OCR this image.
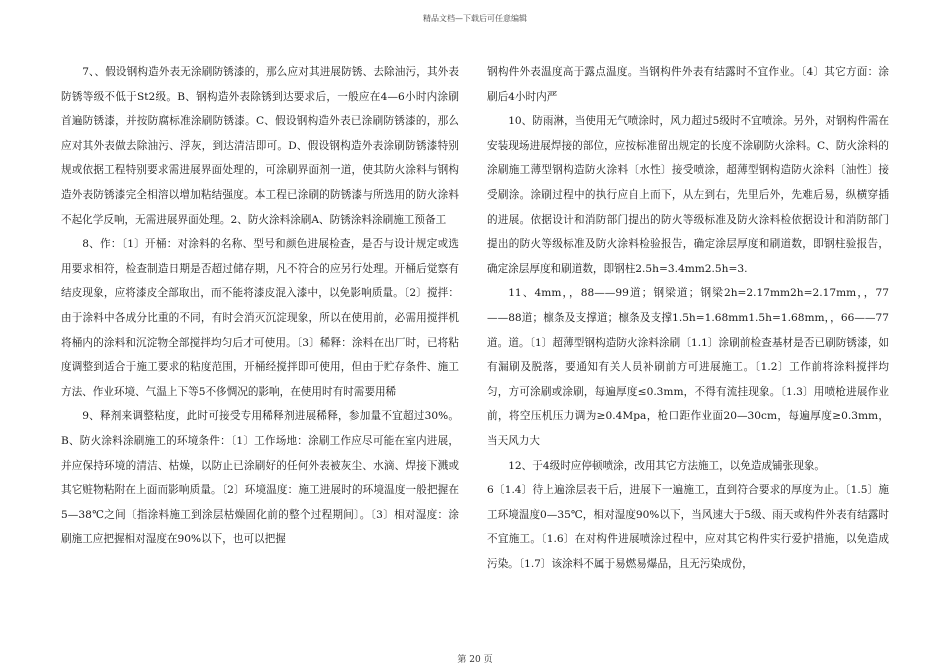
精品文档—下载后可任意编辑

7、、假设钢构造外表无涂刷防锈漆的，那么应对其进展防锈、去除油污，其外表防锈等级不低于St2级。B、钢构造外表除锈到达要求后，一般应在4—6小时内涂刷首遍防锈漆，并按防腐标准涂刷防锈漆。C、假设钢构造外表已涂刷防锈漆的，那么应对其外表做去除油污、浮灰，到达清洁即可。D、假设钢构造外表涂刷防锈漆特别规或依据工程特别要求需进展界面处理的，可涂刷界面剂一道，使其防火涂料与钢构造外表防锈漆完全相溶以增加粘结强度。本工程已涂刷的防锈漆与所选用的防火涂料不起化学反响，无需进展界面处理。2、防火涂料涂刷A、防锈涂料涂刷施工预备工

8、作：〔1〕开桶：对涂料的名称、型号和颜色进展检查，是否与设计规定或选用要求相符，检查制造日期是否超过储存期，凡不符合的应另行处理。开桶后觉察有结皮现象，应将漆皮全部取出，而不能将漆皮混入漆中，以免影响质量。〔2〕搅拌：由于涂料中各成分比重的不同，有时会消灭沉淀现象，所以在使用前，必需用搅拌机将桶内的涂料和沉淀物全部搅拌均匀后才可使用。〔3〕稀释：涂料在出厂时，已将粘度调整到适合于施工要求的粘度范围，开桶经搅拌即可使用，但由于贮存条件、施工方法、作业环境、气温上下等5不侈惆况的影响，在使用时有时需要用稀

9、释剂来调整粘度，此时可接受专用稀释剂进展稀释，参加量不宜超过30%。B、防火涂料涂刷施工的环境条件：〔1〕工作场地：涂刷工作应尽可能在室内进展，并应保持环境的清洁、枯燥，以防止已涂刷好的任何外表被灰尘、水滴、焊接下溅或其它赃物粘附在上面而影响质量。〔2〕环境温度：施工进展时的环境温度一般把握在5—38℃之间〔指涂料施工到涂层枯燥固化前的整个过程期间〕。〔3〕相对湿度：涂刷施工应把握相对湿度在90%以下，也可以把握

钢构件外表温度高于露点温度。当钢构件外表有结露时不宜作业。〔4〕其它方面：涂刷后4小时内严

10、防雨淋，当使用无气喷涂时，风力超过5级时不宜喷涂。另外，对钢构件需在安装现场进展焊接的部位，应按标准留出规定的长度不涂刷防火涂料。C、防火涂料的涂刷施工薄型钢构造防火涂料〔水性〕接受喷涂，超薄型钢构造防火涂料〔油性〕接受刷涂。涂刷过程中的执行应自上而下，从左到右，先里后外，先难后易，纵横穿插的进展。依据设计和消防部门提出的防火等级标准及防火涂料检依据设计和消防部门提出的防火等级标准及防火涂料检验报告，确定涂层厚度和刷道数，即钢柱验报告，确定涂层厚度和刷道数，即钢柱2.5h=3.4mm2.5h=3.

11、4mm，，88——99道；钢梁道；钢梁2h=2.17mm2h=2.17mm，，77——88道；檩条及支撑道；檩条及支撑1.5h=1.68mm1.5h=1.68mm，，66——77道。道。〔1〕超薄型钢构造防火涂料涂刷〔1.1〕涂刷前检查基材是否已刷防锈漆，如有漏刷及脱落，要通知有关人员补刷前方可进展施工。〔1.2〕工作前将涂料搅拌均匀，方可涂刷或涂刷，每遍厚度≤0.3mm，不得有流挂现象。〔1.3〕用喷枪进展作业前，将空压机压力调为≥0.4Mpa，枪口距作业面20—30cm，每遍厚度≥0.3mm，当天风力大

12、于4级时应停顿喷涂，改用其它方法施工，以免造成铺张现象。

6〔1.4〕待上遍涂层表干后，进展下一遍施工，直到符合要求的厚度为止。〔1.5〕施工环境温度0—35℃，相对湿度90%以下，当风速大于5级、雨天或构件外表有结露时不宜施工。〔1.6〕在对构件进展喷涂过程中，应对其它构件实行爱护措施，以免造成污染。〔1.7〕该涂料不属于易燃易爆品，且无污染成份，

第 20 页
